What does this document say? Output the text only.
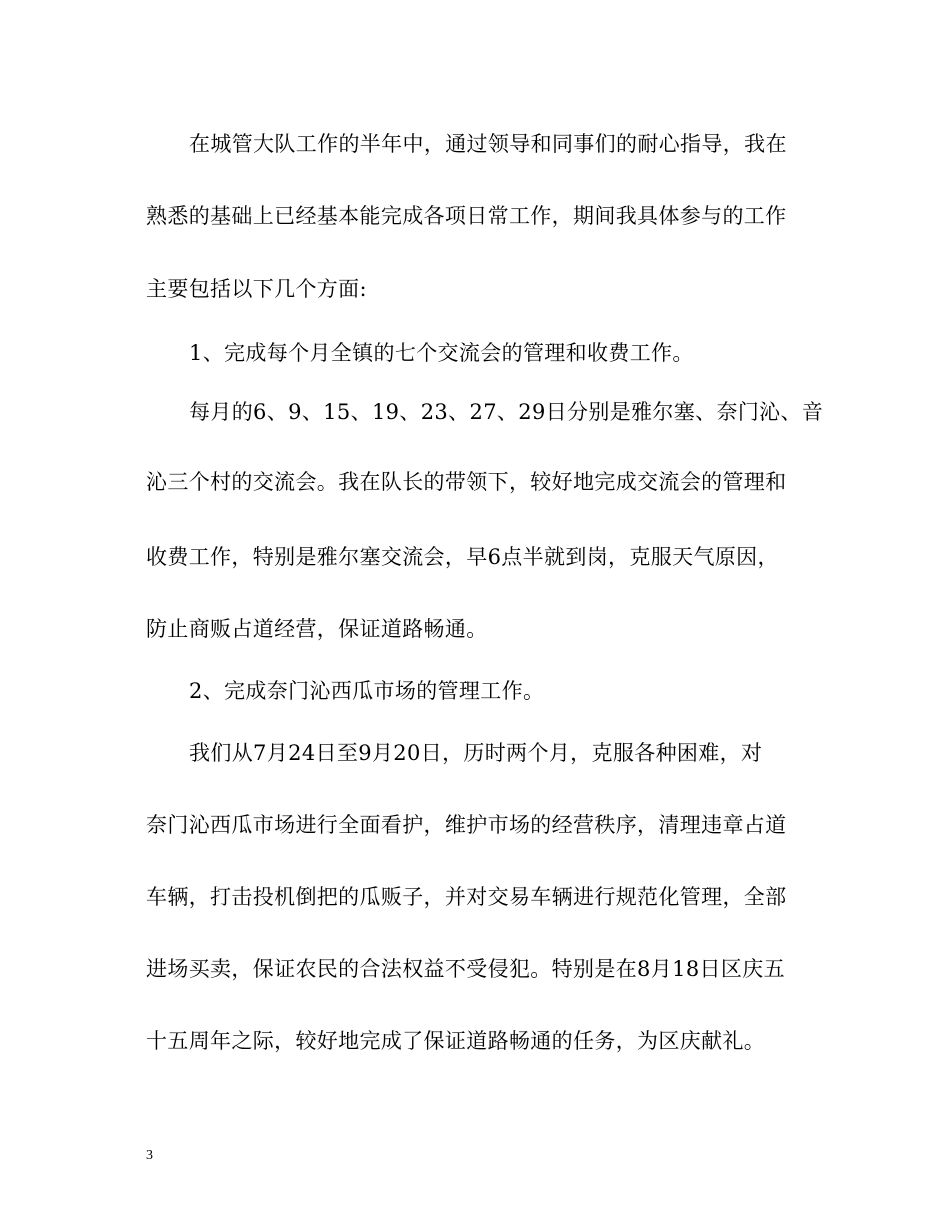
在城管大队工作的半年中，通过领导和同事们的耐心指导，我在
熟悉的基础上已经基本能完成各项日常工作，期间我具体参与的工作
主要包括以下几个方面:
1、完成每个月全镇的七个交流会的管理和收费工作。
每月的6、9、15、19、23、27、29日分别是雅尔塞、奈门沁、音
沁三个村的交流会。我在队长的带领下，较好地完成交流会的管理和
收费工作，特别是雅尔塞交流会，早6点半就到岗，克服天气原因，
防止商贩占道经营，保证道路畅通。
2、完成奈门沁西瓜市场的管理工作。
我们从7月24日至9月20日，历时两个月，克服各种困难，对
奈门沁西瓜市场进行全面看护，维护市场的经营秩序，清理违章占道
车辆，打击投机倒把的瓜贩子，并对交易车辆进行规范化管理，全部
进场买卖，保证农民的合法权益不受侵犯。特别是在8月18日区庆五
十五周年之际，较好地完成了保证道路畅通的任务，为区庆献礼。
3
